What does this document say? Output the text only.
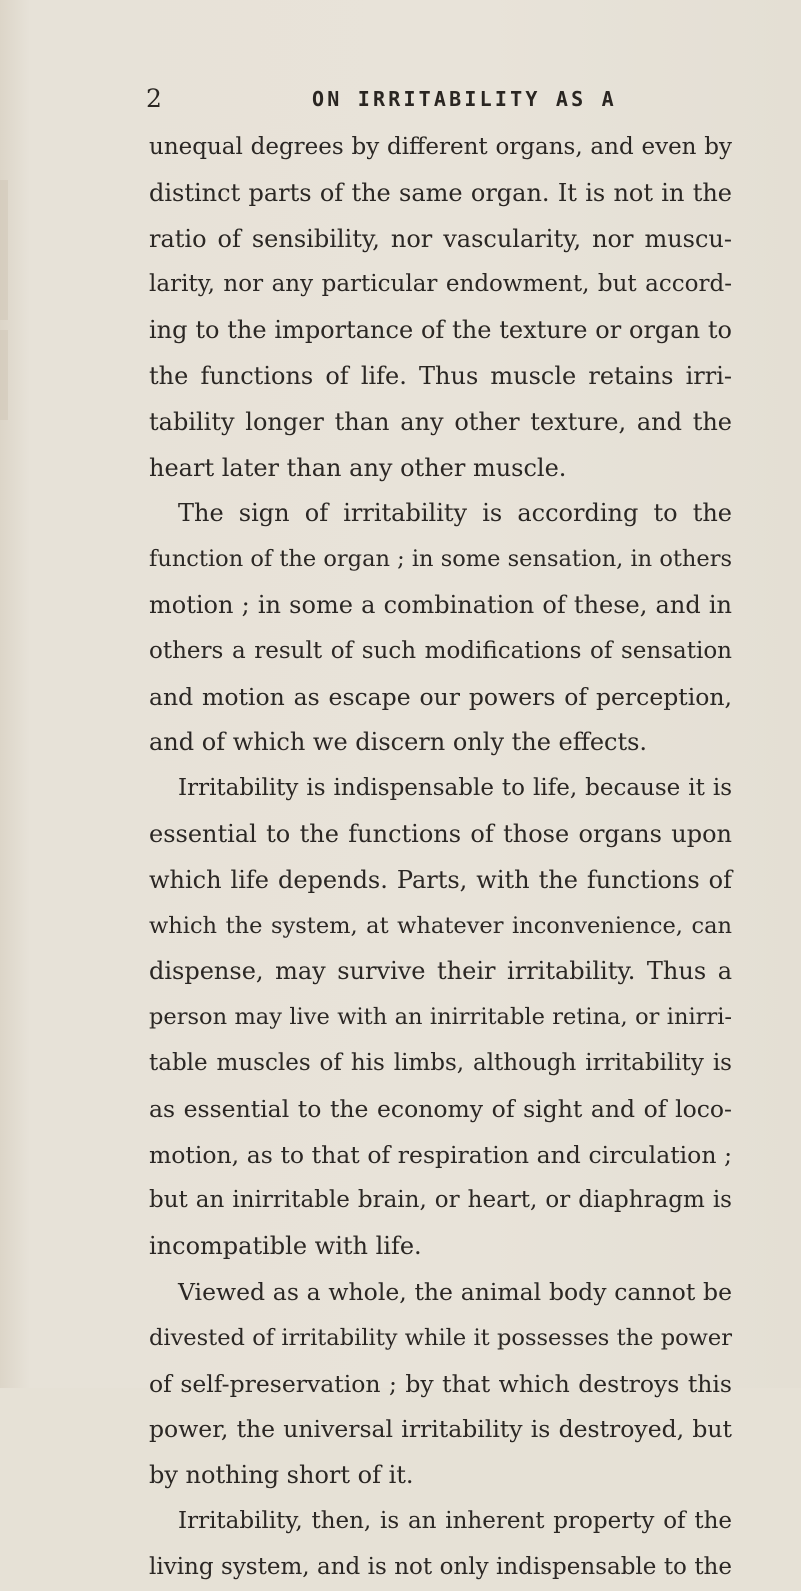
2	ON IRRITABILITY AS A
unequal degrees by different organs, and even by
distinct parts of the same organ. It is not in the
ratio of sensibility, nor vascularity, nor muscu-
larity, nor any particular endowment, but accord-
ing to the importance of the texture or organ to
the functions of life. Thus muscle retains irri-
tability longer than any other texture, and the
heart later than any other muscle.
The sign of irritability is according to the
function of the organ ; in some sensation, in others
motion ; in some a combination of these, and in
others a result of such modifications of sensation
and motion as escape our powers of perception,
and of which we discern only the effects.
Irritability is indispensable to life, because it is
essential to the functions of those organs upon
which life depends. Parts, with the functions of
which the system, at whatever inconvenience, can
dispense, may survive their irritability. Thus a
person may live with an inirritable retina, or inirri-
table muscles of his limbs, although irritability is
as essential to the economy of sight and of loco-
motion, as to that of respiration and circulation ;
but an inirritable brain, or heart, or diaphragm is
incompatible with life.
Viewed as a whole, the animal body cannot be
divested of irritability while it possesses the power
of self-preservation ; by that which destroys this
power, the universal irritability is destroyed, but
by nothing short of it.
Irritability, then, is an inherent property of the
living system, and is not only indispensable to the
